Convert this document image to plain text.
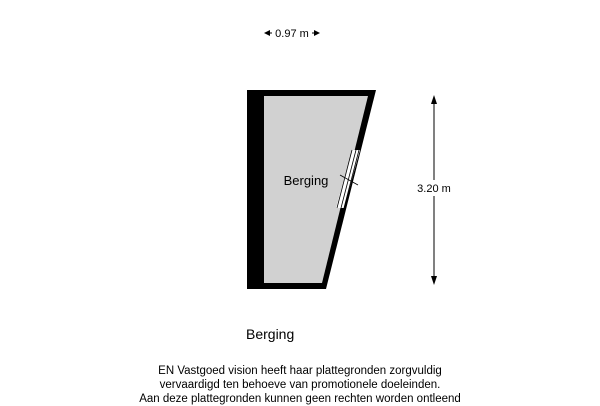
0.97 m
Berging
3.20 m
Berging
EN Vastgoed vision heeft haar plattegronden zorgvuldig
vervaardigd ten behoeve van promotionele doeleinden.
Aan deze plattegronden kunnen geen rechten worden ontleend
